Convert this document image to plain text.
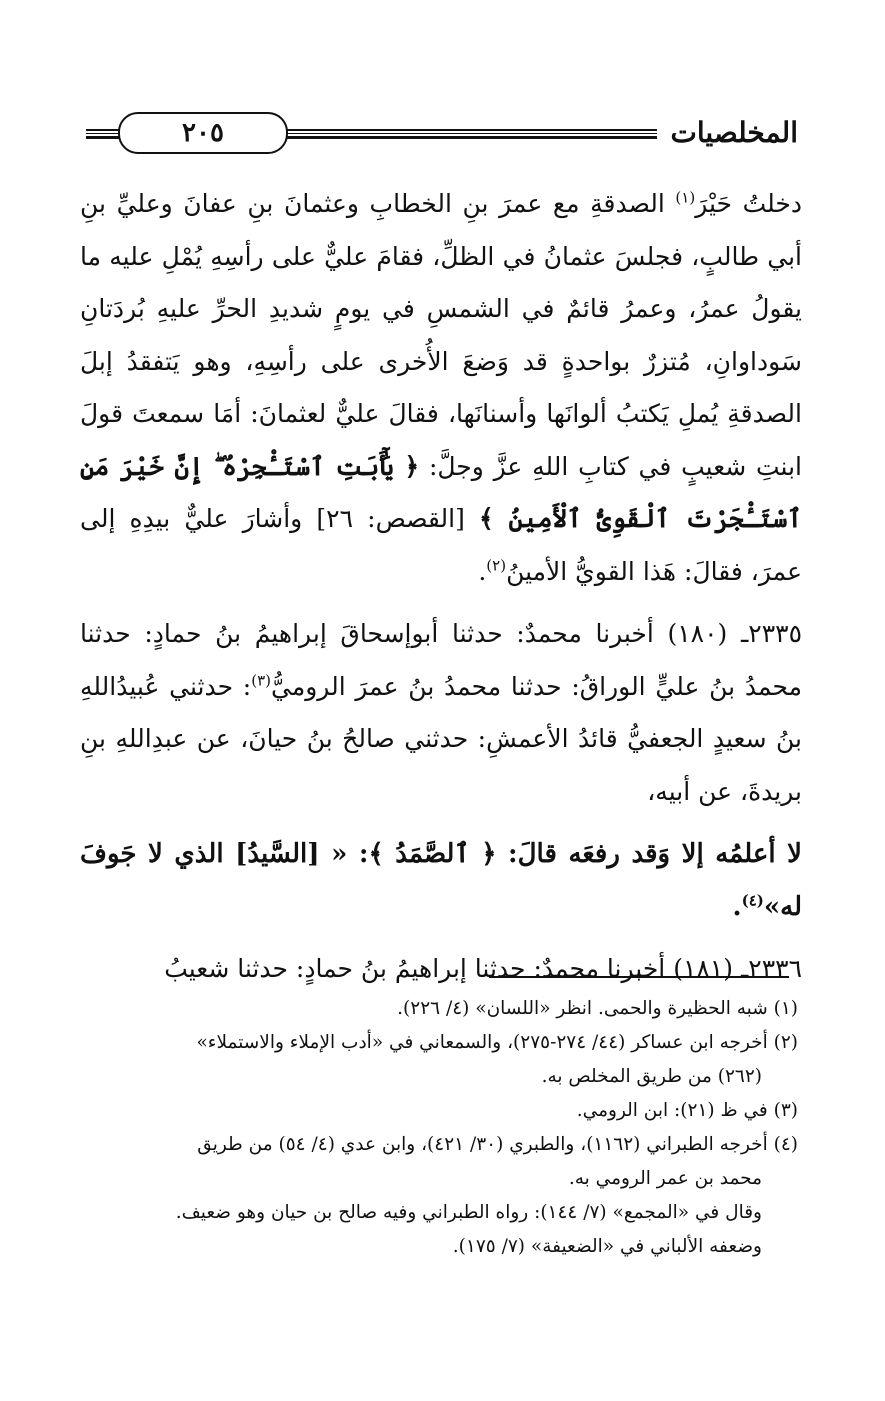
٢٠٥	المخلصيات

دخلتُ حَيْرَ$^{(١)}$ الصدقةِ مع عمرَ بنِ الخطابِ وعثمانَ بنِ عفانَ وعليِّ بنِ أبي طالبٍ، فجلسَ عثمانُ في الظلِّ، فقامَ عليٌّ على رأسِهِ يُمْلِ عليه ما يقولُ عمرُ، وعمرُ قائمٌ في الشمسِ في يومٍ شديدِ الحرِّ عليهِ بُردَتانِ سَوداوانِ، مُتزرٌ بواحدةٍ قد وَضعَ الأُخرى على رأسِهِ، وهو يَتفقدُ إبلَ الصدقةِ يُملِ يَكتبُ ألوانَها وأسنانَها، فقالَ عليٌّ لعثمانَ: أمَا سمعتَ قولَ ابنتِ شعيبٍ في كتابِ اللهِ عزَّ وجلَّ: ﴿ يَٰٓأَبَتِ ٱسْتَـْٔجِرْهُ ۖ إِنَّ خَيْرَ مَنِ ٱسْتَـْٔجَرْتَ ٱلْقَوِىُّ ٱلْأَمِينُ ﴾ [القصص: ٢٦] وأشارَ عليٌّ بيدِهِ إلى عمرَ، فقالَ: هَذا القويُّ الأمينُ$^{(٢)}$.

٢٣٣٥ـ (١٨٠) أخبرنا محمدٌ: حدثنا أبوإسحاقَ إبراهيمُ بنُ حمادٍ: حدثنا محمدُ بنُ عليٍّ الوراقُ: حدثنا محمدُ بنُ عمرَ الروميُّ$^{(٣)}$: حدثني عُبيدُاللهِ بنُ سعيدٍ الجعفيُّ قائدُ الأعمشِ: حدثني صالحُ بنُ حيانَ، عن عبدِاللهِ بنِ بريدةَ، عن أبيه،

لا أعلمُه إلا وَقد رفعَه قالَ: ﴿ ٱلصَّمَدُ ﴾: « [السَّيدُ] الذي لا جَوفَ له»$^{(٤)}$.

٢٣٣٦ـ (١٨١) أخبرنا محمدٌ: حدثنا إبراهيمُ بنُ حمادٍ: حدثنا شعيبُ

(١) شبه الحظيرة والحمى. انظر «اللسان» (٤/ ٢٢٦).

(٢) أخرجه ابن عساكر (٤٤/ ٢٧٤-٢٧٥)، والسمعاني في «أدب الإملاء والاستملاء»

(٢٦٢) من طريق المخلص به.

(٣) في ظ (٢١): ابن الرومي.

(٤) أخرجه الطبراني (١١٦٢)، والطبري (٣٠/ ٤٢١)، وابن عدي (٤/ ٥٤) من طريق

محمد بن عمر الرومي به.

وقال في «المجمع» (٧/ ١٤٤): رواه الطبراني وفيه صالح بن حيان وهو ضعيف.

وضعفه الألباني في «الضعيفة» (٧/ ١٧٥).
